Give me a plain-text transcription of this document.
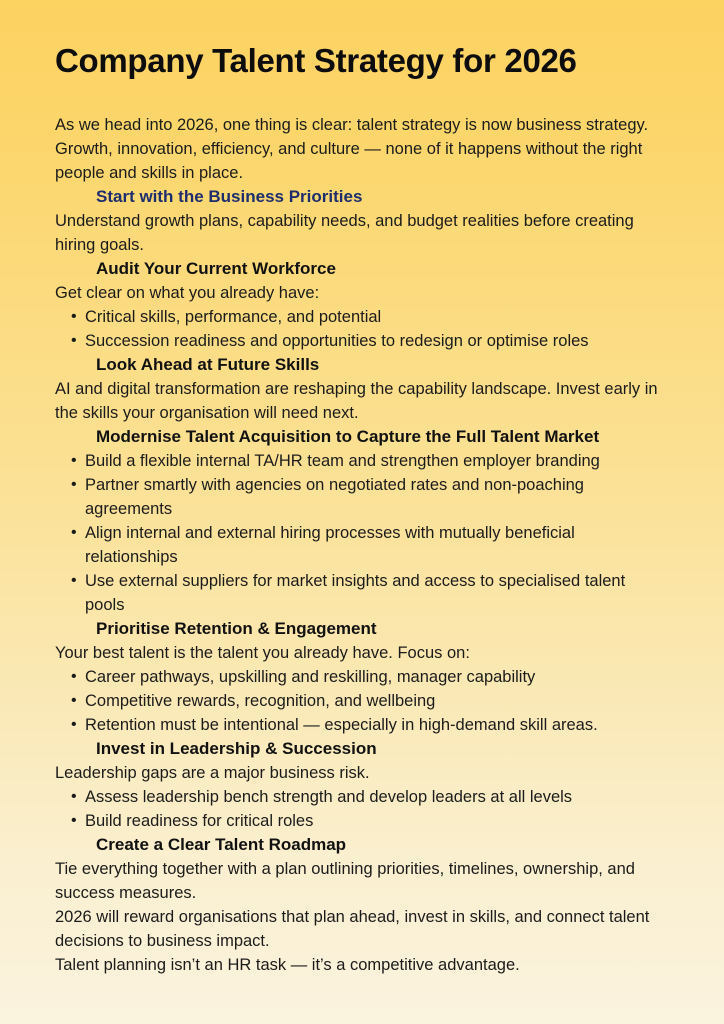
Company Talent Strategy for 2026

As we head into 2026, one thing is clear: talent strategy is now business strategy. Growth, innovation, efficiency, and culture — none of it happens without the right people and skills in place.

Start with the Business Priorities

Understand growth plans, capability needs, and budget realities before creating hiring goals.

Audit Your Current Workforce

Get clear on what you already have:

• Critical skills, performance, and potential
• Succession readiness and opportunities to redesign or optimise roles
Look Ahead at Future Skills

AI and digital transformation are reshaping the capability landscape. Invest early in the skills your organisation will need next.

Modernise Talent Acquisition to Capture the Full Talent Market
• Build a flexible internal TA/HR team and strengthen employer branding
• Partner smartly with agencies on negotiated rates and non-poaching agreements
• Align internal and external hiring processes with mutually beneficial relationships
• Use external suppliers for market insights and access to specialised talent pools
Prioritise Retention & Engagement

Your best talent is the talent you already have. Focus on:

• Career pathways, upskilling and reskilling, manager capability
• Competitive rewards, recognition, and wellbeing
• Retention must be intentional — especially in high-demand skill areas.
Invest in Leadership & Succession

Leadership gaps are a major business risk.

• Assess leadership bench strength and develop leaders at all levels
• Build readiness for critical roles
Create a Clear Talent Roadmap

Tie everything together with a plan outlining priorities, timelines, ownership, and success measures.

2026 will reward organisations that plan ahead, invest in skills, and connect talent decisions to business impact.

Talent planning isn’t an HR task — it’s a competitive advantage.
